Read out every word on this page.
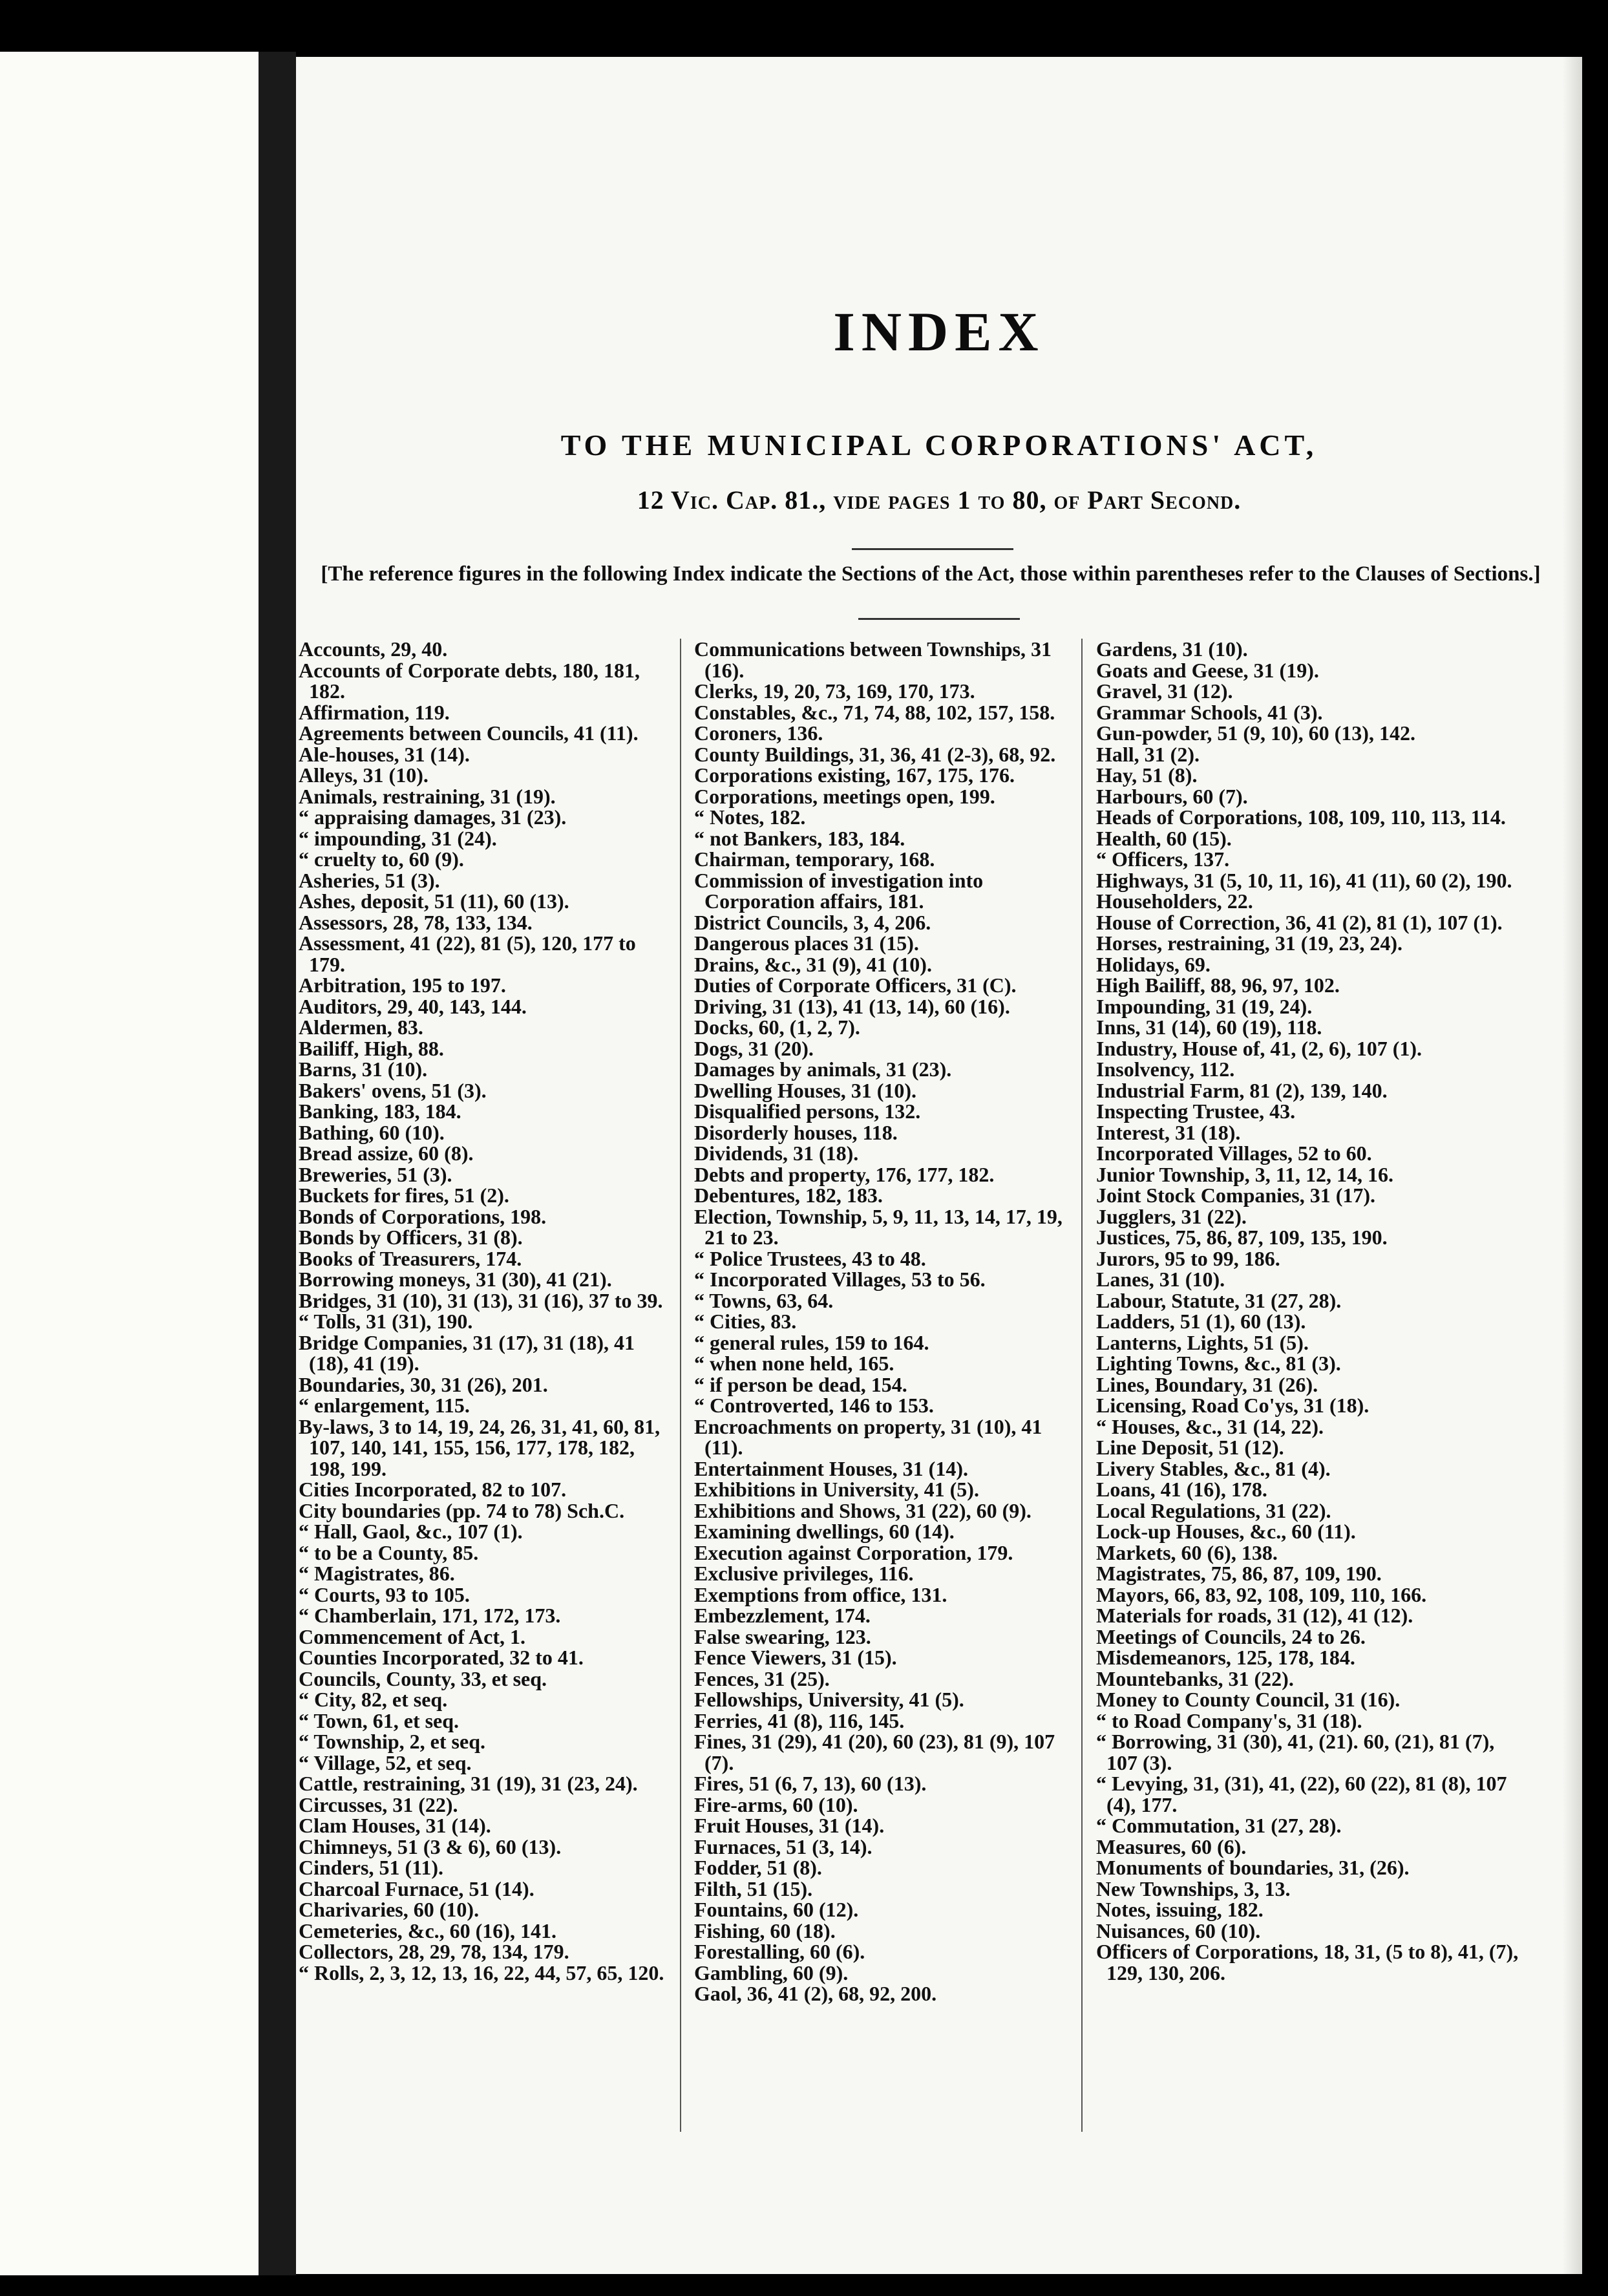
INDEX
TO THE MUNICIPAL CORPORATIONS' ACT,
12 Vic. Cap. 81., vide pages 1 to 80, of Part Second.
[The reference figures in the following Index indicate the Sections of the Act, those within parentheses refer to the Clauses of Sections.]
Accounts, 29, 40.
Accounts of Corporate debts, 180, 181, 182.
Affirmation, 119.
Agreements between Councils, 41 (11).
Ale-houses, 31 (14).
Alleys, 31 (10).
Animals, restraining, 31 (19).
“ appraising damages, 31 (23).
“ impounding, 31 (24).
“ cruelty to, 60 (9).
Asheries, 51 (3).
Ashes, deposit, 51 (11), 60 (13).
Assessors, 28, 78, 133, 134.
Assessment, 41 (22), 81 (5), 120, 177 to 179.
Arbitration, 195 to 197.
Auditors, 29, 40, 143, 144.
Aldermen, 83.
Bailiff, High, 88.
Barns, 31 (10).
Bakers' ovens, 51 (3).
Banking, 183, 184.
Bathing, 60 (10).
Bread assize, 60 (8).
Breweries, 51 (3).
Buckets for fires, 51 (2).
Bonds of Corporations, 198.
Bonds by Officers, 31 (8).
Books of Treasurers, 174.
Borrowing moneys, 31 (30), 41 (21).
Bridges, 31 (10), 31 (13), 31 (16), 37 to 39.
“ Tolls, 31 (31), 190.
Bridge Companies, 31 (17), 31 (18), 41 (18), 41 (19).
Boundaries, 30, 31 (26), 201.
“ enlargement, 115.
By-laws, 3 to 14, 19, 24, 26, 31, 41, 60, 81, 107, 140, 141, 155, 156, 177, 178, 182, 198, 199.
Cities Incorporated, 82 to 107.
City boundaries (pp. 74 to 78) Sch.C.
“ Hall, Gaol, &c., 107 (1).
“ to be a County, 85.
“ Magistrates, 86.
“ Courts, 93 to 105.
“ Chamberlain, 171, 172, 173.
Commencement of Act, 1.
Counties Incorporated, 32 to 41.
Councils, County, 33, et seq.
“ City, 82, et seq.
“ Town, 61, et seq.
“ Township, 2, et seq.
“ Village, 52, et seq.
Cattle, restraining, 31 (19), 31 (23, 24).
Circusses, 31 (22).
Clam Houses, 31 (14).
Chimneys, 51 (3 & 6), 60 (13).
Cinders, 51 (11).
Charcoal Furnace, 51 (14).
Charivaries, 60 (10).
Cemeteries, &c., 60 (16), 141.
Collectors, 28, 29, 78, 134, 179.
“ Rolls, 2, 3, 12, 13, 16, 22, 44, 57, 65, 120.
Communications between Townships, 31 (16).
Clerks, 19, 20, 73, 169, 170, 173.
Constables, &c., 71, 74, 88, 102, 157, 158.
Coroners, 136.
County Buildings, 31, 36, 41 (2-3), 68, 92.
Corporations existing, 167, 175, 176.
Corporations, meetings open, 199.
“ Notes, 182.
“ not Bankers, 183, 184.
Chairman, temporary, 168.
Commission of investigation into Corporation affairs, 181.
District Councils, 3, 4, 206.
Dangerous places 31 (15).
Drains, &c., 31 (9), 41 (10).
Duties of Corporate Officers, 31 (C).
Driving, 31 (13), 41 (13, 14), 60 (16).
Docks, 60, (1, 2, 7).
Dogs, 31 (20).
Damages by animals, 31 (23).
Dwelling Houses, 31 (10).
Disqualified persons, 132.
Disorderly houses, 118.
Dividends, 31 (18).
Debts and property, 176, 177, 182.
Debentures, 182, 183.
Election, Township, 5, 9, 11, 13, 14, 17, 19, 21 to 23.
“ Police Trustees, 43 to 48.
“ Incorporated Villages, 53 to 56.
“ Towns, 63, 64.
“ Cities, 83.
“ general rules, 159 to 164.
“ when none held, 165.
“ if person be dead, 154.
“ Controverted, 146 to 153.
Encroachments on property, 31 (10), 41 (11).
Entertainment Houses, 31 (14).
Exhibitions in University, 41 (5).
Exhibitions and Shows, 31 (22), 60 (9).
Examining dwellings, 60 (14).
Execution against Corporation, 179.
Exclusive privileges, 116.
Exemptions from office, 131.
Embezzlement, 174.
False swearing, 123.
Fence Viewers, 31 (15).
Fences, 31 (25).
Fellowships, University, 41 (5).
Ferries, 41 (8), 116, 145.
Fines, 31 (29), 41 (20), 60 (23), 81 (9), 107 (7).
Fires, 51 (6, 7, 13), 60 (13).
Fire-arms, 60 (10).
Fruit Houses, 31 (14).
Furnaces, 51 (3, 14).
Fodder, 51 (8).
Filth, 51 (15).
Fountains, 60 (12).
Fishing, 60 (18).
Forestalling, 60 (6).
Gambling, 60 (9).
Gaol, 36, 41 (2), 68, 92, 200.
Gardens, 31 (10).
Goats and Geese, 31 (19).
Gravel, 31 (12).
Grammar Schools, 41 (3).
Gun-powder, 51 (9, 10), 60 (13), 142.
Hall, 31 (2).
Hay, 51 (8).
Harbours, 60 (7).
Heads of Corporations, 108, 109, 110, 113, 114.
Health, 60 (15).
“ Officers, 137.
Highways, 31 (5, 10, 11, 16), 41 (11), 60 (2), 190.
Householders, 22.
House of Correction, 36, 41 (2), 81 (1), 107 (1).
Horses, restraining, 31 (19, 23, 24).
Holidays, 69.
High Bailiff, 88, 96, 97, 102.
Impounding, 31 (19, 24).
Inns, 31 (14), 60 (19), 118.
Industry, House of, 41, (2, 6), 107 (1).
Insolvency, 112.
Industrial Farm, 81 (2), 139, 140.
Inspecting Trustee, 43.
Interest, 31 (18).
Incorporated Villages, 52 to 60.
Junior Township, 3, 11, 12, 14, 16.
Joint Stock Companies, 31 (17).
Jugglers, 31 (22).
Justices, 75, 86, 87, 109, 135, 190.
Jurors, 95 to 99, 186.
Lanes, 31 (10).
Labour, Statute, 31 (27, 28).
Ladders, 51 (1), 60 (13).
Lanterns, Lights, 51 (5).
Lighting Towns, &c., 81 (3).
Lines, Boundary, 31 (26).
Licensing, Road Co'ys, 31 (18).
“ Houses, &c., 31 (14, 22).
Line Deposit, 51 (12).
Livery Stables, &c., 81 (4).
Loans, 41 (16), 178.
Local Regulations, 31 (22).
Lock-up Houses, &c., 60 (11).
Markets, 60 (6), 138.
Magistrates, 75, 86, 87, 109, 190.
Mayors, 66, 83, 92, 108, 109, 110, 166.
Materials for roads, 31 (12), 41 (12).
Meetings of Councils, 24 to 26.
Misdemeanors, 125, 178, 184.
Mountebanks, 31 (22).
Money to County Council, 31 (16).
“ to Road Company's, 31 (18).
“ Borrowing, 31 (30), 41, (21). 60, (21), 81 (7), 107 (3).
“ Levying, 31, (31), 41, (22), 60 (22), 81 (8), 107 (4), 177.
“ Commutation, 31 (27, 28).
Measures, 60 (6).
Monuments of boundaries, 31, (26).
New Townships, 3, 13.
Notes, issuing, 182.
Nuisances, 60 (10).
Officers of Corporations, 18, 31, (5 to 8), 41, (7), 129, 130, 206.
